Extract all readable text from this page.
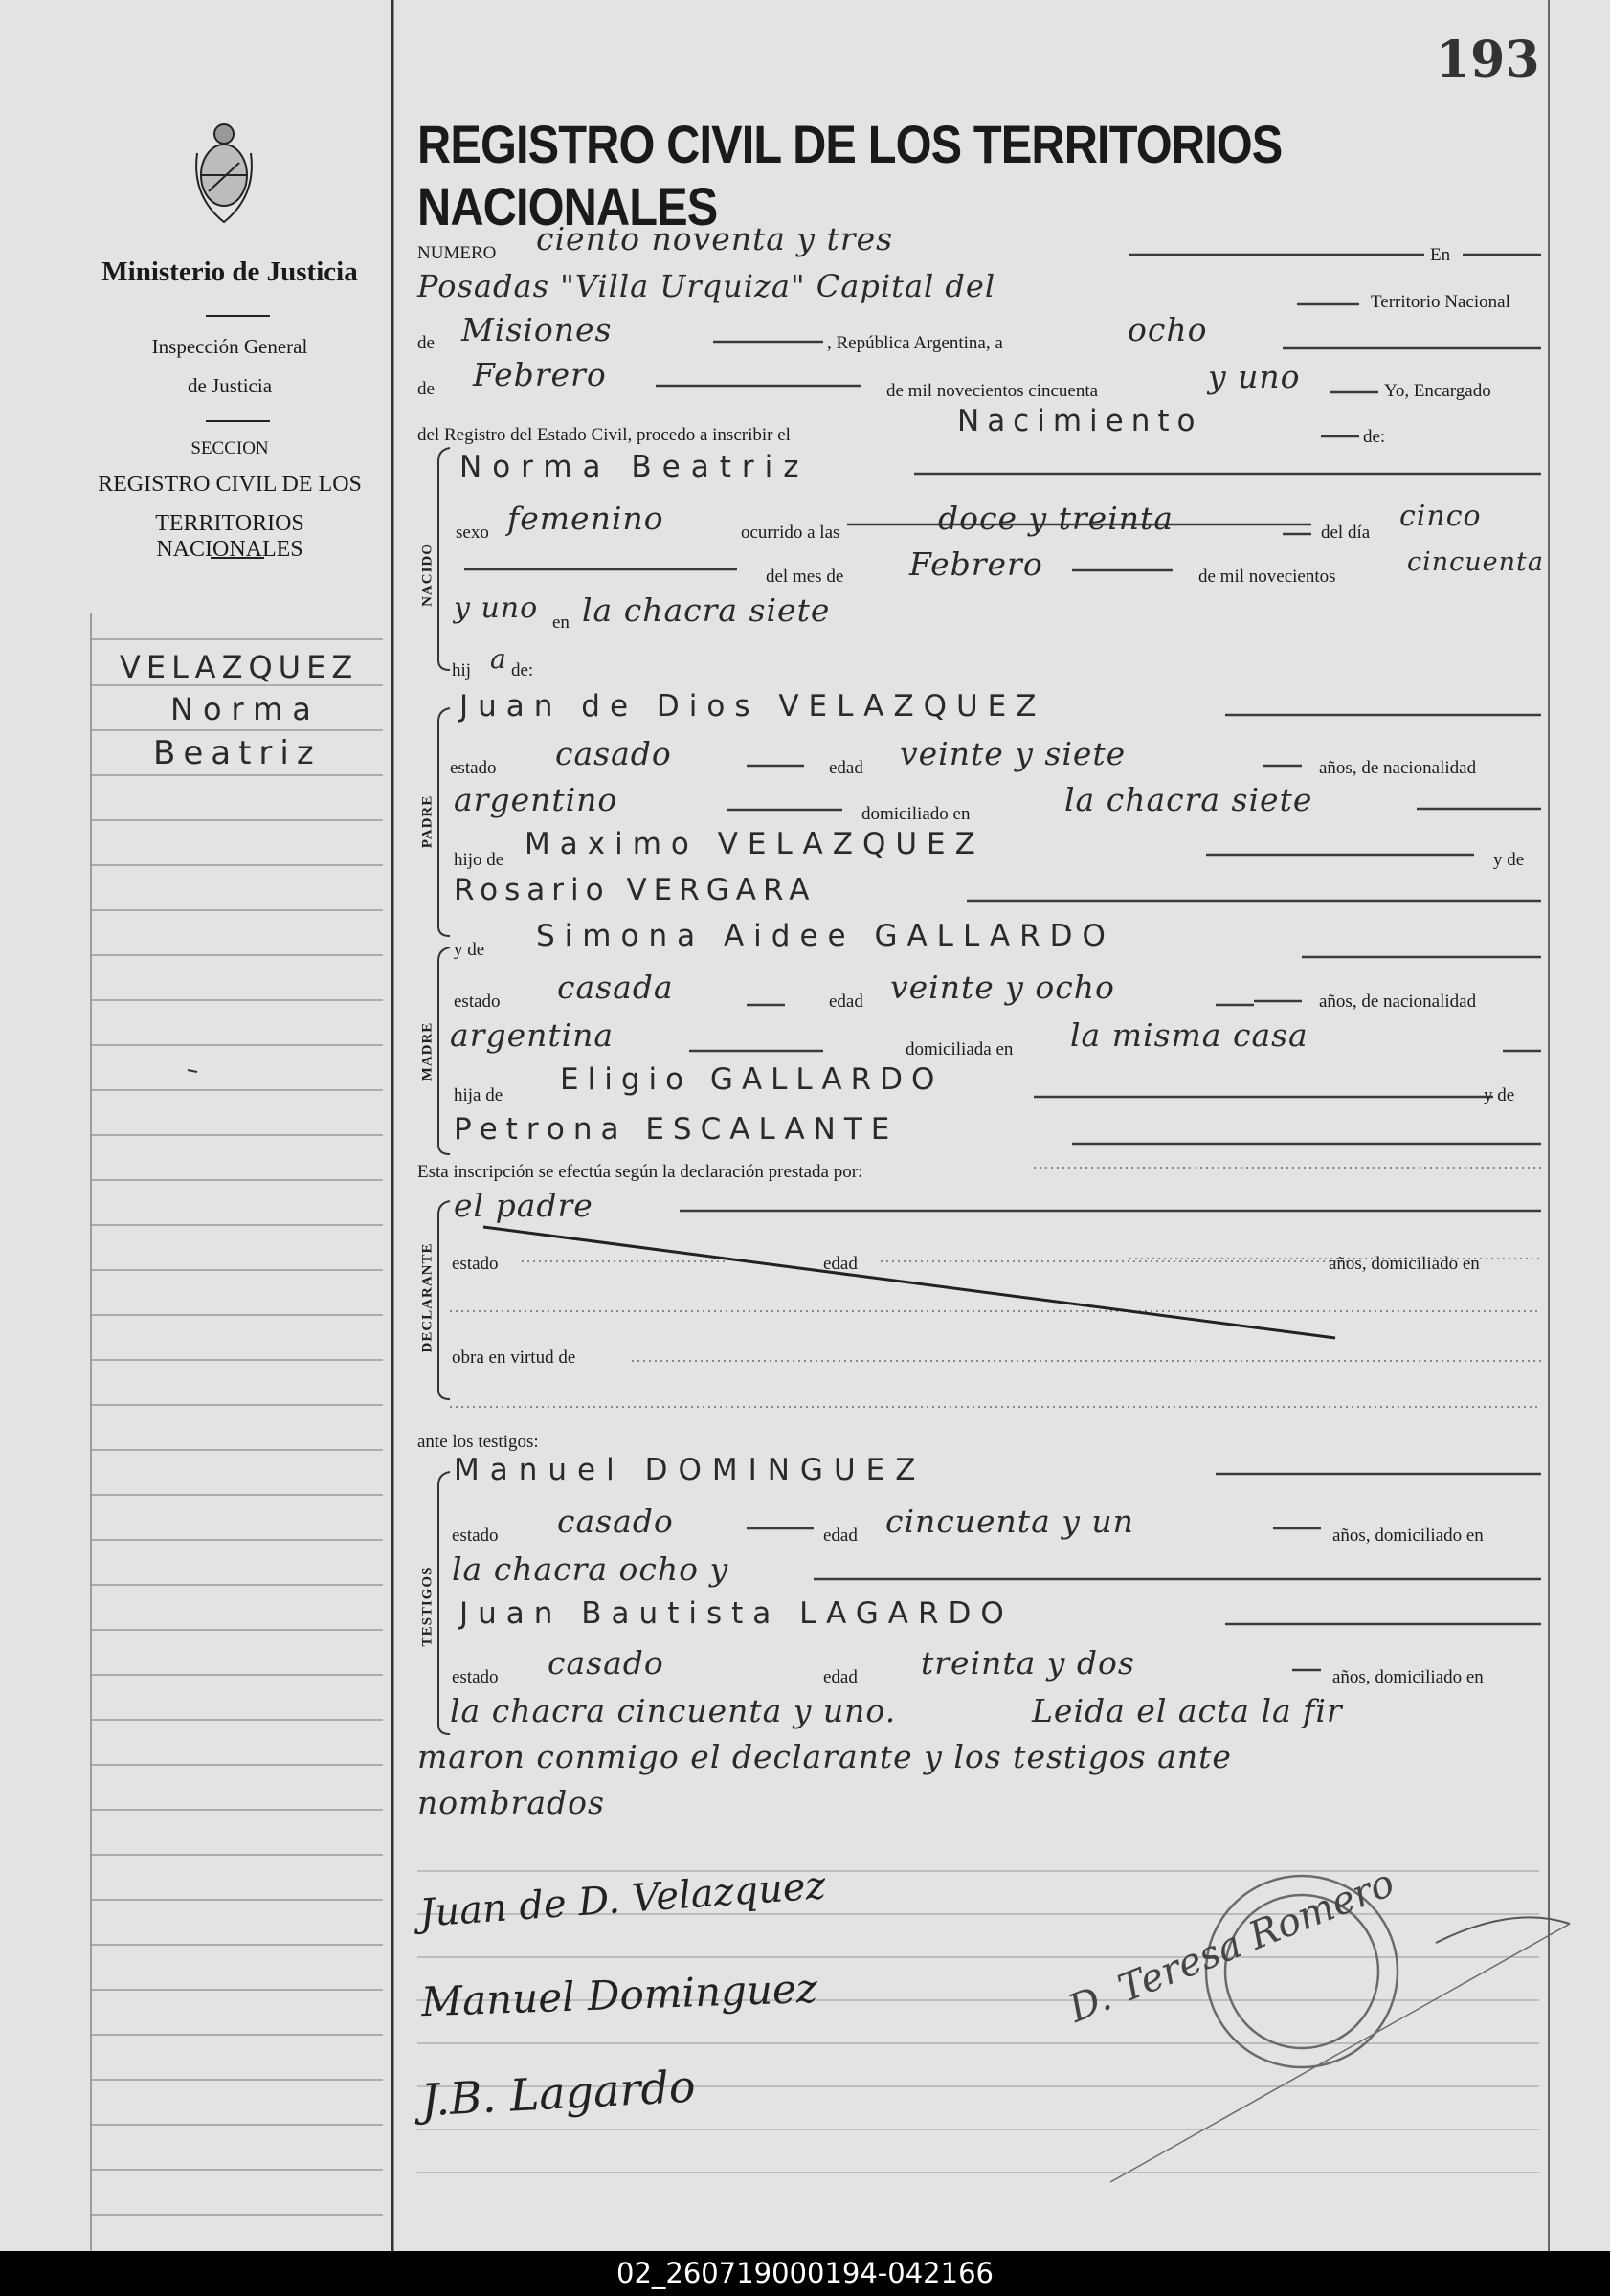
193
REGISTRO CIVIL DE LOS TERRITORIOS NACIONALES
Ministerio de Justicia
Inspección General
de Justicia
SECCION
REGISTRO CIVIL DE LOS
TERRITORIOS NACIONALES
VELAZQUEZ
Norma
Beatriz
NUMERO ciento noventa y tres	En
Posadas "Villa Urquiza" Capital del	Territorio Nacional
de Misiones	, República Argentina, a	ocho
de Febrero	de mil novecientos cincuenta	y uno	Yo, Encargado
del Registro del Estado Civil, procedo a inscribir el	Nacimiento	de:
NACIDO
Norma Beatriz
sexo femenino	ocurrido a las	doce y treinta	del día cinco
del mes de Febrero	de mil novecientos	cincuenta
y uno en la chacra siete
hij a de:
PADRE
Juan de Dios VELAZQUEZ
estado casado	edad veinte y siete	años, de nacionalidad
argentino	domiciliado en	la chacra siete
hijo de Maximo VELAZQUEZ	y de
Rosario VERGARA
MADRE
y de Simona Aidee GALLARDO
estado casada	edad veinte y ocho	años, de nacionalidad
argentina	domiciliada en la misma casa
hija de Eligio GALLARDO	y de
Petrona ESCALANTE
Esta inscripción se efectúa según la declaración prestada por:
DECLARANTE
el padre
estado	edad	años, domiciliado en
obra en virtud de
ante los testigos:
TESTIGOS
Manuel DOMINGUEZ
estado casado	edad cincuenta y un	años, domiciliado en
la chacra ocho y
Juan Bautista LAGARDO
estado casado	edad treinta y dos	años, domiciliado en
la chacra cincuenta y uno.	Leida el acta la fir
maron conmigo el declarante y los testigos ante
nombrados
Juan de D. Velazquez
Manuel Dominguez
J.B. Lagardo
D. Teresa Romero
02_260719000194-042166
